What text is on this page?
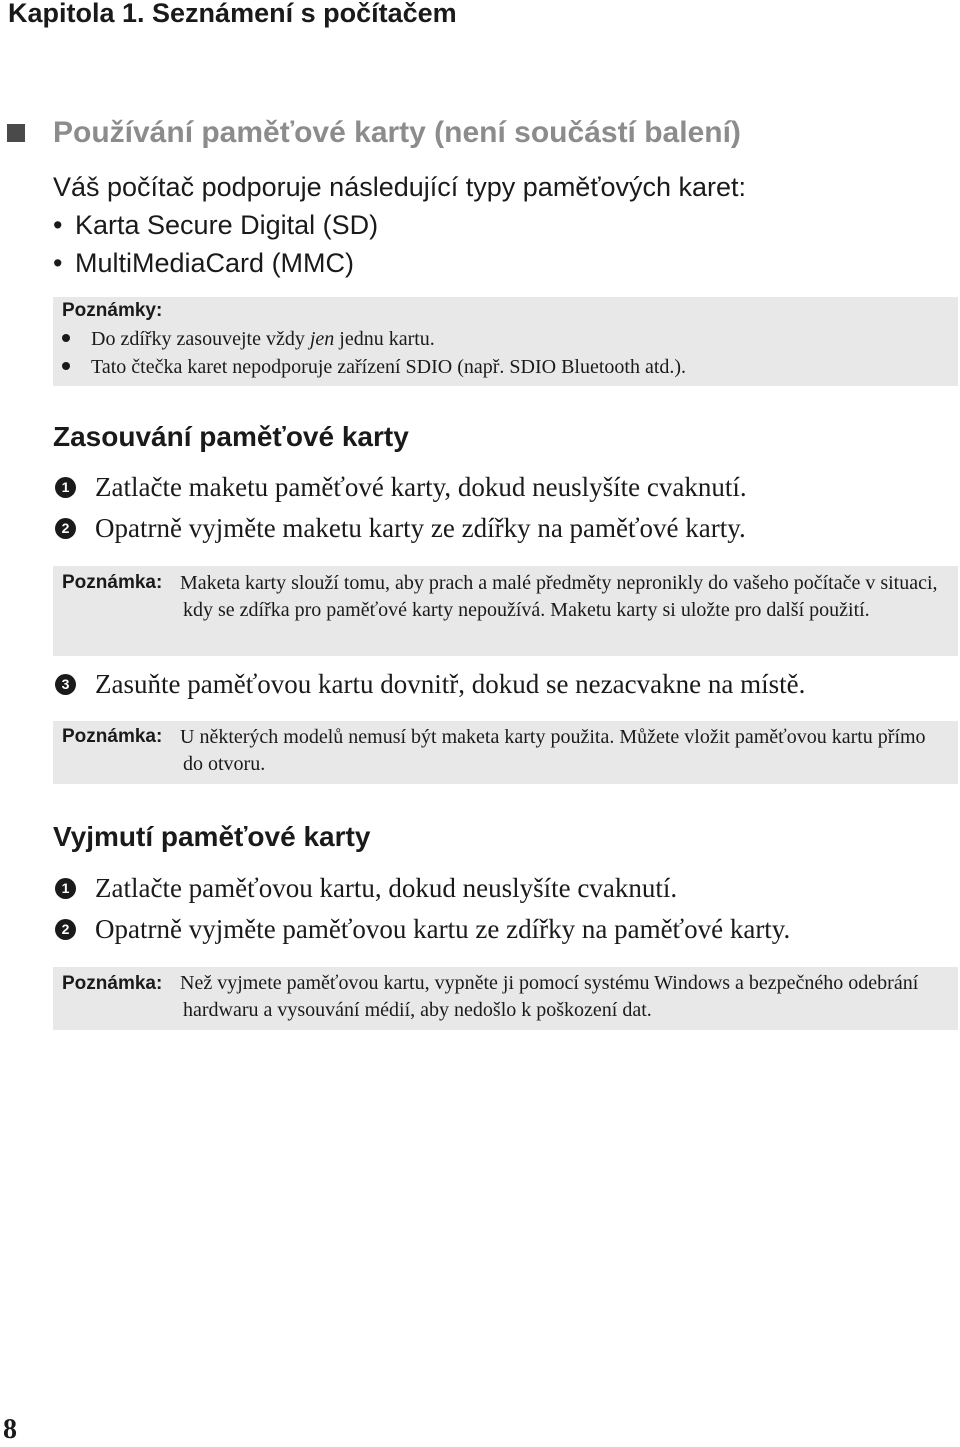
Kapitola 1. Seznámení s počítačem
Používání paměťové karty (není součástí balení)
Váš počítač podporuje následující typy paměťových karet:
• Karta Secure Digital (SD)
• MultiMediaCard (MMC)
Poznámky:
Do zdířky zasouvejte vždy jen jednu kartu.
Tato čtečka karet nepodporuje zařízení SDIO (např. SDIO Bluetooth atd.).
Zasouvání paměťové karty
1 Zatlačte maketu paměťové karty, dokud neuslyšíte cvaknutí.
2 Opatrně vyjměte maketu karty ze zdířky na paměťové karty.
Poznámka: Maketa karty slouží tomu, aby prach a malé předměty nepronikly do vašeho počítače v situaci, kdy se zdířka pro paměťové karty nepoužívá. Maketu karty si uložte pro další použití.
3 Zasuňte paměťovou kartu dovnitř, dokud se nezacvakne na místě.
Poznámka: U některých modelů nemusí být maketa karty použita. Můžete vložit paměťovou kartu přímo do otvoru.
Vyjmutí paměťové karty
1 Zatlačte paměťovou kartu, dokud neuslyšíte cvaknutí.
2 Opatrně vyjměte paměťovou kartu ze zdířky na paměťové karty.
Poznámka: Než vyjmete paměťovou kartu, vypněte ji pomocí systému Windows a bezpečného odebrání hardwaru a vysouvání médií, aby nedošlo k poškození dat.
8
